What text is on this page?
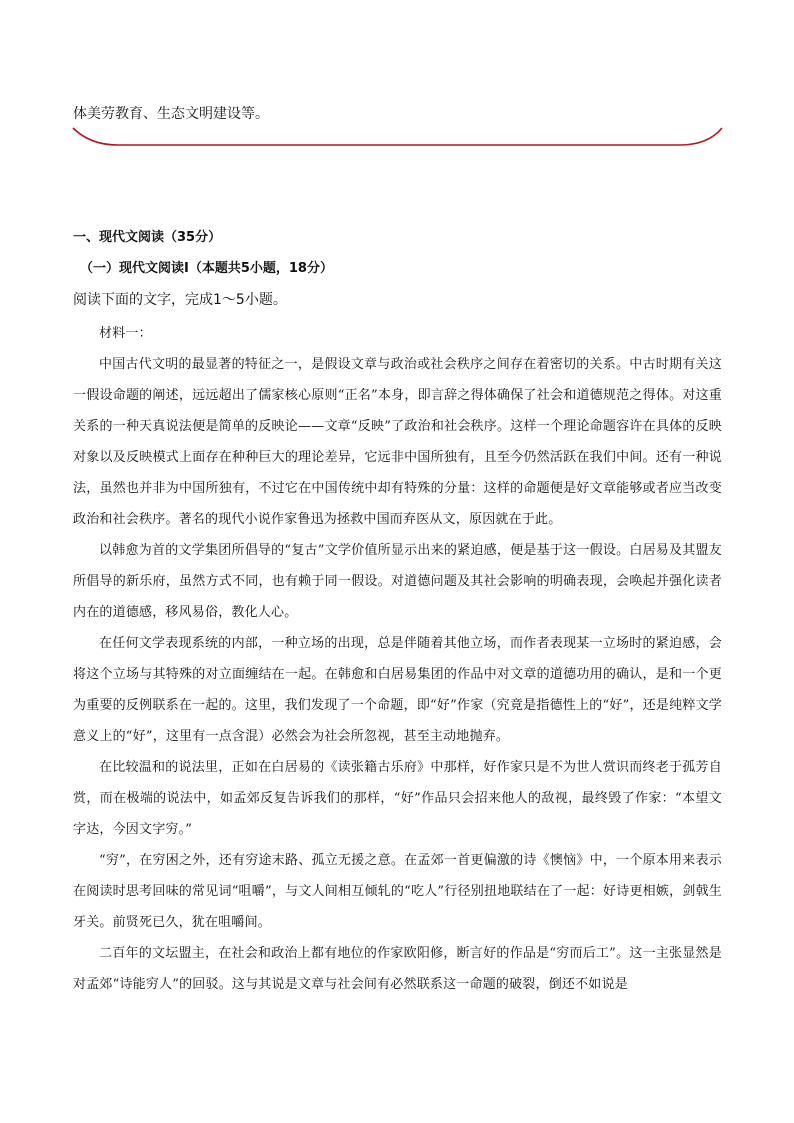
体美劳教育、生态文明建设等。
一、现代文阅读（35分）
（一）现代文阅读Ⅰ（本题共5小题，18分）
阅读下面的文字，完成1～5小题。

材料一：

中国古代文明的最显著的特征之一，是假设文章与政治或社会秩序之间存在着密切的关系。中古时期有关这一假设命题的阐述，远远超出了儒家核心原则“正名”本身，即言辞之得体确保了社会和道德规范之得体。对这重关系的一种天真说法便是简单的反映论——文章“反映”了政治和社会秩序。这样一个理论命题容许在具体的反映对象以及反映模式上面存在种种巨大的理论差异，它远非中国所独有，且至今仍然活跃在我们中间。还有一种说法，虽然也并非为中国所独有，不过它在中国传统中却有特殊的分量：这样的命题便是好文章能够或者应当改变政治和社会秩序。著名的现代小说作家鲁迅为拯救中国而弃医从文，原因就在于此。

以韩愈为首的文学集团所倡导的“复古”文学价值所显示出来的紧迫感，便是基于这一假设。白居易及其盟友所倡导的新乐府，虽然方式不同，也有赖于同一假设。对道德问题及其社会影响的明确表现，会唤起并强化读者内在的道德感，移风易俗，教化人心。

在任何文学表现系统的内部，一种立场的出现，总是伴随着其他立场，而作者表现某一立场时的紧迫感，会将这个立场与其特殊的对立面缠结在一起。在韩愈和白居易集团的作品中对文章的道德功用的确认，是和一个更为重要的反例联系在一起的。这里，我们发现了一个命题，即“好”作家（究竟是指德性上的“好”，还是纯粹文学意义上的“好”，这里有一点含混）必然会为社会所忽视，甚至主动地抛弃。

在比较温和的说法里，正如在白居易的《读张籍古乐府》中那样，好作家只是不为世人赏识而终老于孤芳自赏，而在极端的说法中，如孟郊反复告诉我们的那样，“好”作品只会招来他人的敌视，最终毁了作家：“本望文字达，今因文字穷。”

“穷”，在穷困之外，还有穷途末路、孤立无援之意。在孟郊一首更偏激的诗《懊恼》中，一个原本用来表示在阅读时思考回味的常见词“咀嚼”，与文人间相互倾轧的“吃人”行径别扭地联结在了一起：好诗更相嫉，剑戟生牙关。前贤死已久，犹在咀嚼间。

二百年的文坛盟主，在社会和政治上都有地位的作家欧阳修，断言好的作品是“穷而后工”。这一主张显然是对孟郊“诗能穷人”的回驳。这与其说是文章与社会间有必然联系这一命题的破裂，倒还不如说是
